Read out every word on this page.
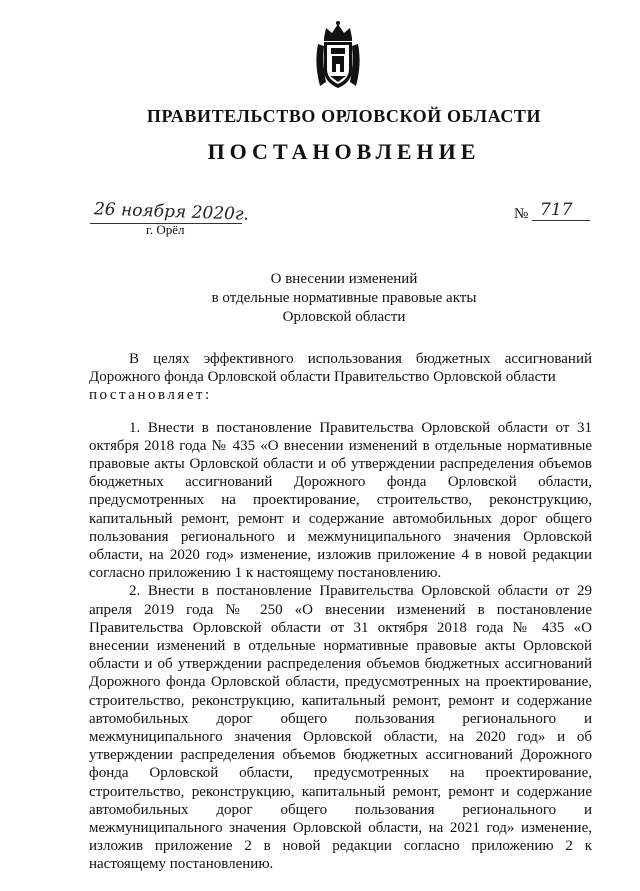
ПРАВИТЕЛЬСТВО ОРЛОВСКОЙ ОБЛАСТИ
ПОСТАНОВЛЕНИЕ
26 ноября 2020г.
г. Орёл
№ 717
О внесении изменений
в отдельные нормативные правовые акты
Орловской области

В целях эффективного использования бюджетных ассигнований Дорожного фонда Орловской области Правительство Орловской области

постановляет:

1. Внести в постановление Правительства Орловской области от 31 октября 2018 года № 435 «О внесении изменений в отдельные нормативные правовые акты Орловской области и об утверждении распределения объемов бюджетных ассигнований Дорожного фонда Орловской области, предусмотренных на проектирование, строительство, реконструкцию, капитальный ремонт, ремонт и содержание автомобильных дорог общего пользования регионального и межмуниципального значения Орловской области, на 2020 год» изменение, изложив приложение 4 в новой редакции согласно приложению 1 к настоящему постановлению.

2. Внести в постановление Правительства Орловской области от 29 апреля 2019 года № 250 «О внесении изменений в постановление Правительства Орловской области от 31 октября 2018 года № 435 «О внесении изменений в отдельные нормативные правовые акты Орловской области и об утверждении распределения объемов бюджетных ассигнований Дорожного фонда Орловской области, предусмотренных на проектирование, строительство, реконструкцию, капитальный ремонт, ремонт и содержание автомобильных дорог общего пользования регионального и межмуниципального значения Орловской области, на 2020 год» и об утверждении распределения объемов бюджетных ассигнований Дорожного фонда Орловской области, предусмотренных на проектирование, строительство, реконструкцию, капитальный ремонт, ремонт и содержание автомобильных дорог общего пользования регионального и межмуниципального значения Орловской области, на 2021 год» изменение, изложив приложение 2 в новой редакции согласно приложению 2 к настоящему постановлению.
